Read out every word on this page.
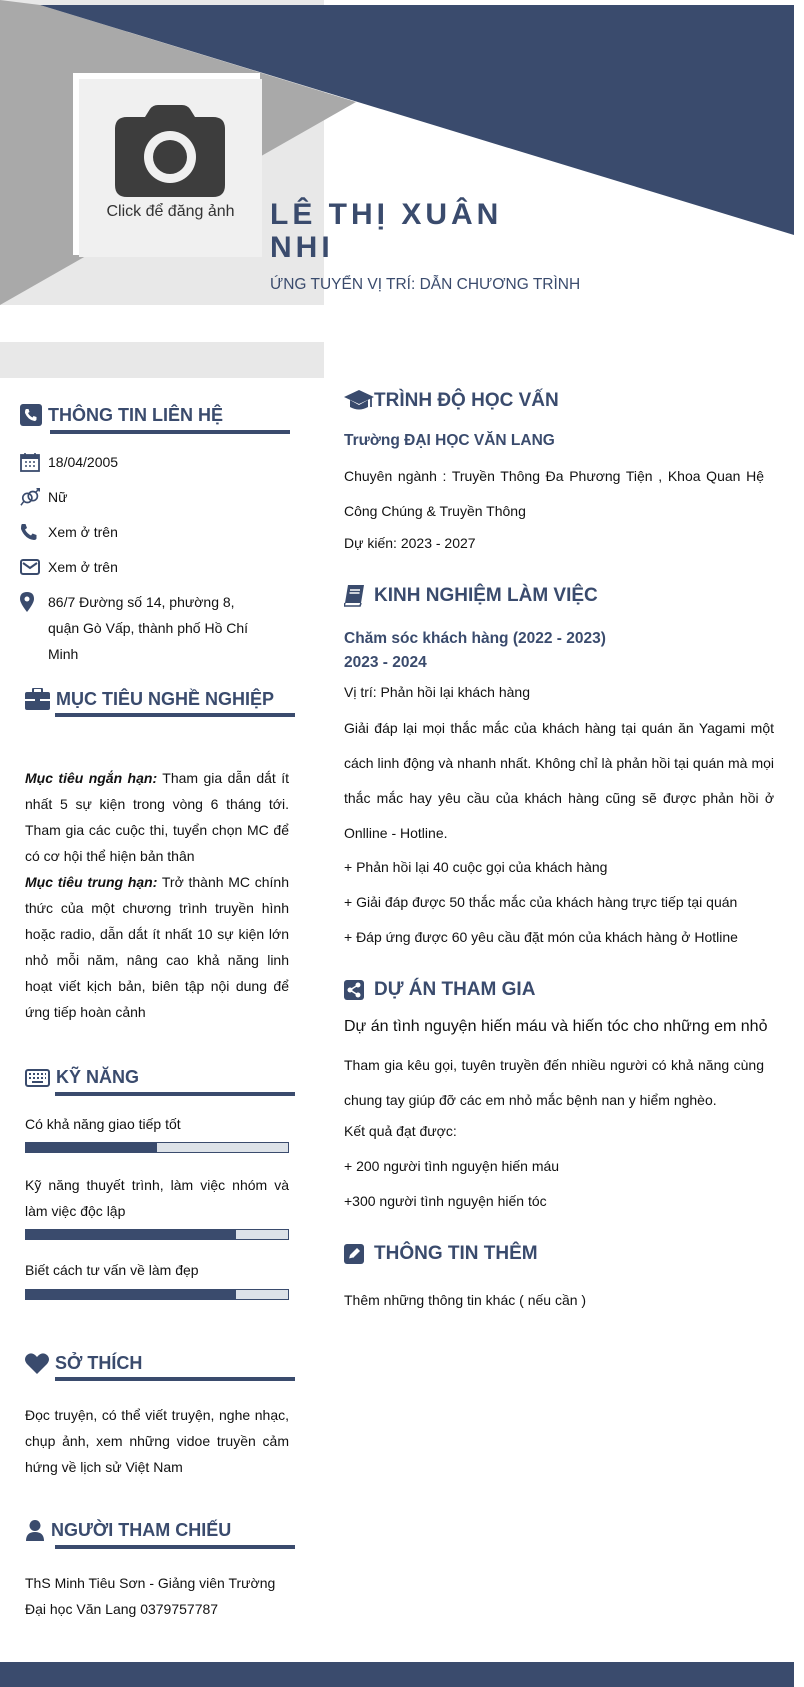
Click để đăng ảnh	LÊ THỊ XUÂN NHI
ỨNG TUYỂN VỊ TRÍ: DẪN CHƯƠNG TRÌNH
THÔNG TIN LIÊN HỆ
18/04/2005
Nữ
Xem ở trên
Xem ở trên
86/7 Đường số 14, phường 8, quận Gò Vấp, thành phố Hồ Chí Minh
MỤC TIÊU NGHỀ NGHIỆP
Mục tiêu ngắn hạn: Tham gia dẫn dắt ít nhất 5 sự kiện trong vòng 6 tháng tới. Tham gia các cuộc thi, tuyển chọn MC để có cơ hội thể hiện bản thân
Mục tiêu trung hạn: Trở thành MC chính thức của một chương trình truyền hình hoặc radio, dẫn dắt ít nhất 10 sự kiện lớn nhỏ mỗi năm, nâng cao khả năng linh hoạt viết kịch bản, biên tập nội dung để ứng tiếp hoàn cảnh
KỸ NĂNG
Có khả năng giao tiếp tốt
Kỹ năng thuyết trình, làm việc nhóm và làm việc độc lập
Biết cách tư vấn về làm đẹp
SỞ THÍCH
Đọc truyện, có thể viết truyện, nghe nhạc, chụp ảnh, xem những vidoe truyền cảm hứng về lịch sử Việt Nam
NGƯỜI THAM CHIẾU
ThS Minh Tiêu Sơn - Giảng viên Trường Đại học Văn Lang 0379757787
TRÌNH ĐỘ HỌC VẤN
Trường ĐẠI HỌC VĂN LANG
Chuyên ngành : Truyền Thông Đa Phương Tiện , Khoa Quan Hệ Công Chúng & Truyền Thông
Dự kiến: 2023 - 2027
KINH NGHIỆM LÀM VIỆC
Chăm sóc khách hàng (2022 - 2023)
2023 - 2024
Vị trí: Phản hồi lại khách hàng
Giải đáp lại mọi thắc mắc của khách hàng tại quán ăn Yagami một cách linh động và nhanh nhất. Không chỉ là phản hồi tại quán mà mọi thắc mắc hay yêu cầu của khách hàng cũng sẽ được phản hồi ở Onlline - Hotline.
+ Phản hồi lại 40 cuộc gọi của khách hàng
+ Giải đáp được 50 thắc mắc của khách hàng trực tiếp tại quán
+ Đáp ứng được 60 yêu cầu đặt món của khách hàng ở Hotline
DỰ ÁN THAM GIA
Dự án tình nguyện hiến máu và hiến tóc cho những em nhỏ
Tham gia kêu gọi, tuyên truyền đến nhiều người có khả năng cùng chung tay giúp đỡ các em nhỏ mắc bệnh nan y hiểm nghèo.
Kết quả đạt được:
+ 200 người tình nguyện hiến máu
+300 người tình nguyện hiến tóc
THÔNG TIN THÊM
Thêm những thông tin khác ( nếu cần )
